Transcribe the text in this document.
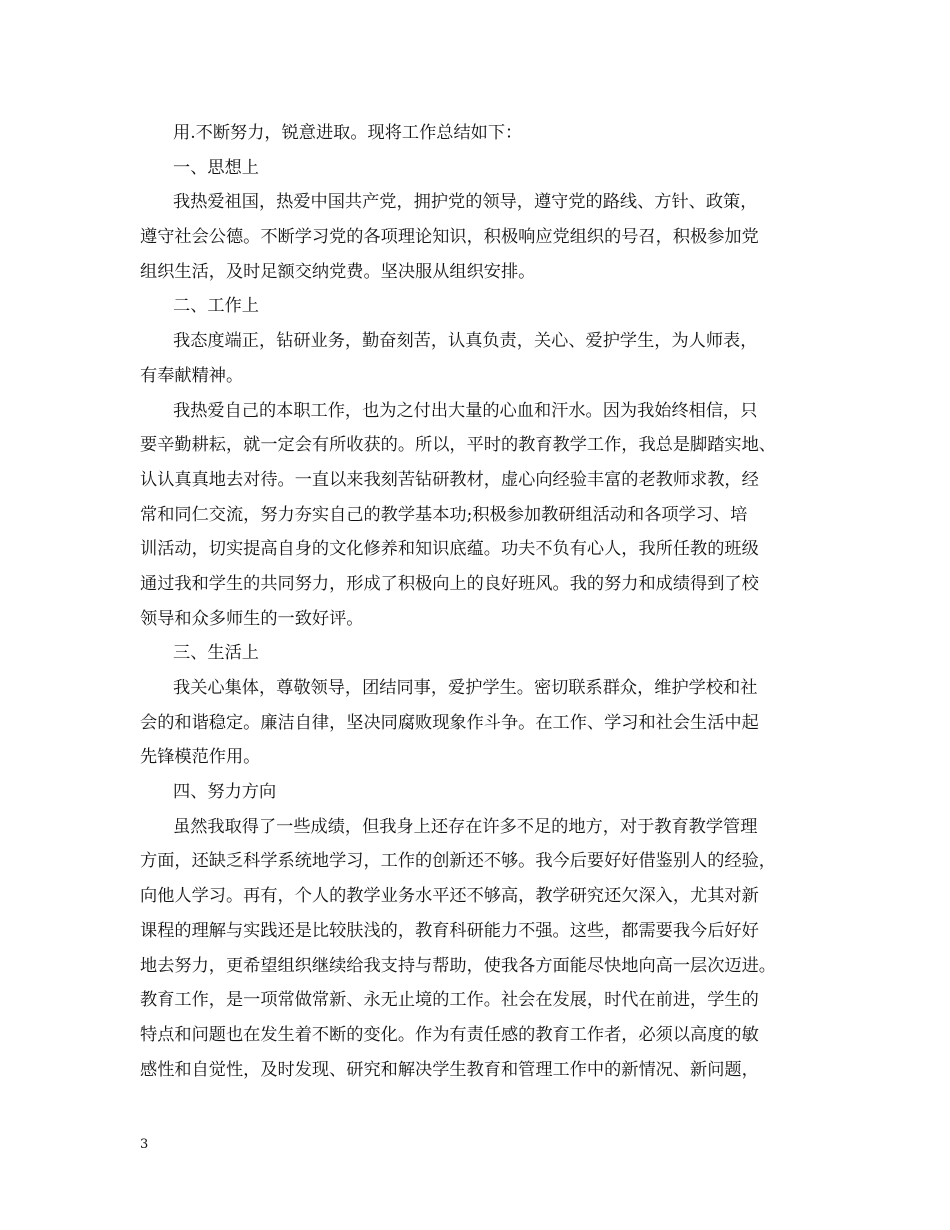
用.不断努力，锐意进取。现将工作总结如下：
一、思想上
我热爱祖国，热爱中国共产党，拥护党的领导，遵守党的路线、方针、政策，
遵守社会公德。不断学习党的各项理论知识，积极响应党组织的号召，积极参加党
组织生活，及时足额交纳党费。坚决服从组织安排。
二、工作上
我态度端正，钻研业务，勤奋刻苦，认真负责，关心、爱护学生，为人师表，
有奉献精神。
我热爱自己的本职工作，也为之付出大量的心血和汗水。因为我始终相信，只
要辛勤耕耘，就一定会有所收获的。所以，平时的教育教学工作，我总是脚踏实地、
认认真真地去对待。一直以来我刻苦钻研教材，虚心向经验丰富的老教师求教，经
常和同仁交流，努力夯实自己的教学基本功;积极参加教研组活动和各项学习、培
训活动，切实提高自身的文化修养和知识底蕴。功夫不负有心人，我所任教的班级
通过我和学生的共同努力，形成了积极向上的良好班风。我的努力和成绩得到了校
领导和众多师生的一致好评。
三、生活上
我关心集体，尊敬领导，团结同事，爱护学生。密切联系群众，维护学校和社
会的和谐稳定。廉洁自律，坚决同腐败现象作斗争。在工作、学习和社会生活中起
先锋模范作用。
四、努力方向
虽然我取得了一些成绩，但我身上还存在许多不足的地方，对于教育教学管理
方面，还缺乏科学系统地学习，工作的创新还不够。我今后要好好借鉴别人的经验，
向他人学习。再有，个人的教学业务水平还不够高，教学研究还欠深入，尤其对新
课程的理解与实践还是比较肤浅的，教育科研能力不强。这些，都需要我今后好好
地去努力，更希望组织继续给我支持与帮助，使我各方面能尽快地向高一层次迈进。
教育工作，是一项常做常新、永无止境的工作。社会在发展，时代在前进，学生的
特点和问题也在发生着不断的变化。作为有责任感的教育工作者，必须以高度的敏
感性和自觉性，及时发现、研究和解决学生教育和管理工作中的新情况、新问题，
3
